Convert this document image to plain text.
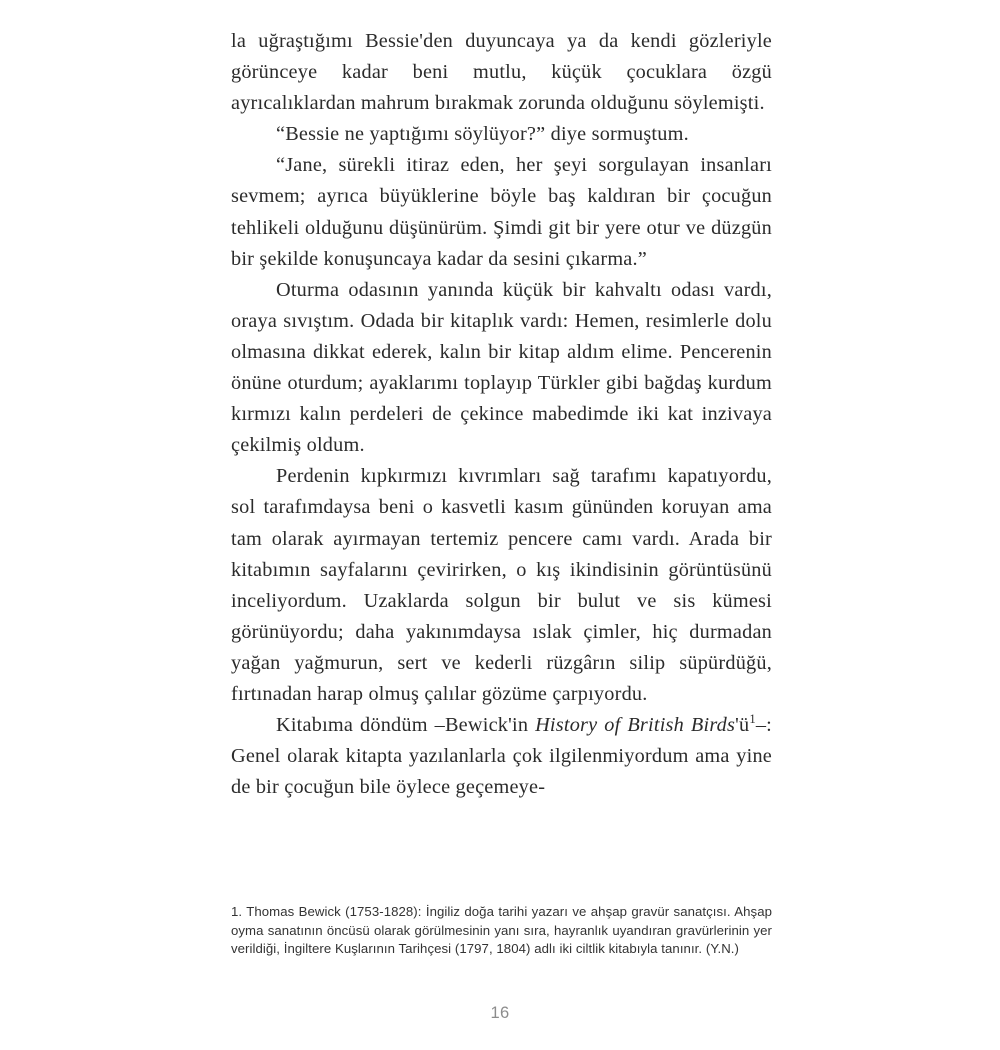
la uğraştığımı Bessie'den duyuncaya ya da kendi gözleriyle görünceye kadar beni mutlu, küçük çocuklara özgü ayrıcalıklardan mahrum bırakmak zorunda olduğunu söylemişti.

“Bessie ne yaptığımı söylüyor?” diye sormuştum.

“Jane, sürekli itiraz eden, her şeyi sorgulayan insanları sevmem; ayrıca büyüklerine böyle baş kaldıran bir çocuğun tehlikeli olduğunu düşünürüm. Şimdi git bir yere otur ve düzgün bir şekilde konuşuncaya kadar da sesini çıkarma.”

Oturma odasının yanında küçük bir kahvaltı odası vardı, oraya sıvıştım. Odada bir kitaplık vardı: Hemen, resimlerle dolu olmasına dikkat ederek, kalın bir kitap aldım elime. Pencerenin önüne oturdum; ayaklarımı toplayıp Türkler gibi bağdaş kurdum kırmızı kalın perdeleri de çekince mabedimde iki kat inzivaya çekilmiş oldum.

Perdenin kıpkırmızı kıvrımları sağ tarafımı kapatıyordu, sol tarafımdaysa beni o kasvetli kasım gününden koruyan ama tam olarak ayırmayan tertemiz pencere camı vardı. Arada bir kitabımın sayfalarını çevirirken, o kış ikindisinin görüntüsünü inceliyordum. Uzaklarda solgun bir bulut ve sis kümesi görünüyordu; daha yakınımdaysa ıslak çimler, hiç durmadan yağan yağmurun, sert ve kederli rüzgârın silip süpürdüğü, fırtınadan harap olmuş çalılar gözüme çarpıyordu.

Kitabıma döndüm –Bewick'in History of British $Birds'ü^1-$: Genel olarak kitapta yazılanlarla çok ilgilenmiyordum ama yine de bir çocuğun bile öylece geçemeye-

1. Thomas Bewick (1753-1828): İngiliz doğa tarihi yazarı ve ahşap gravür sanatçısı. Ahşap oyma sanatının öncüsü olarak görülmesinin yanı sıra, hayranlık uyandıran gravürlerinin yer verildiği, İngiltere Kuşlarının Tarihçesi (1797, 1804) adlı iki ciltlik kitabıyla tanınır. (Y.N.)

16
